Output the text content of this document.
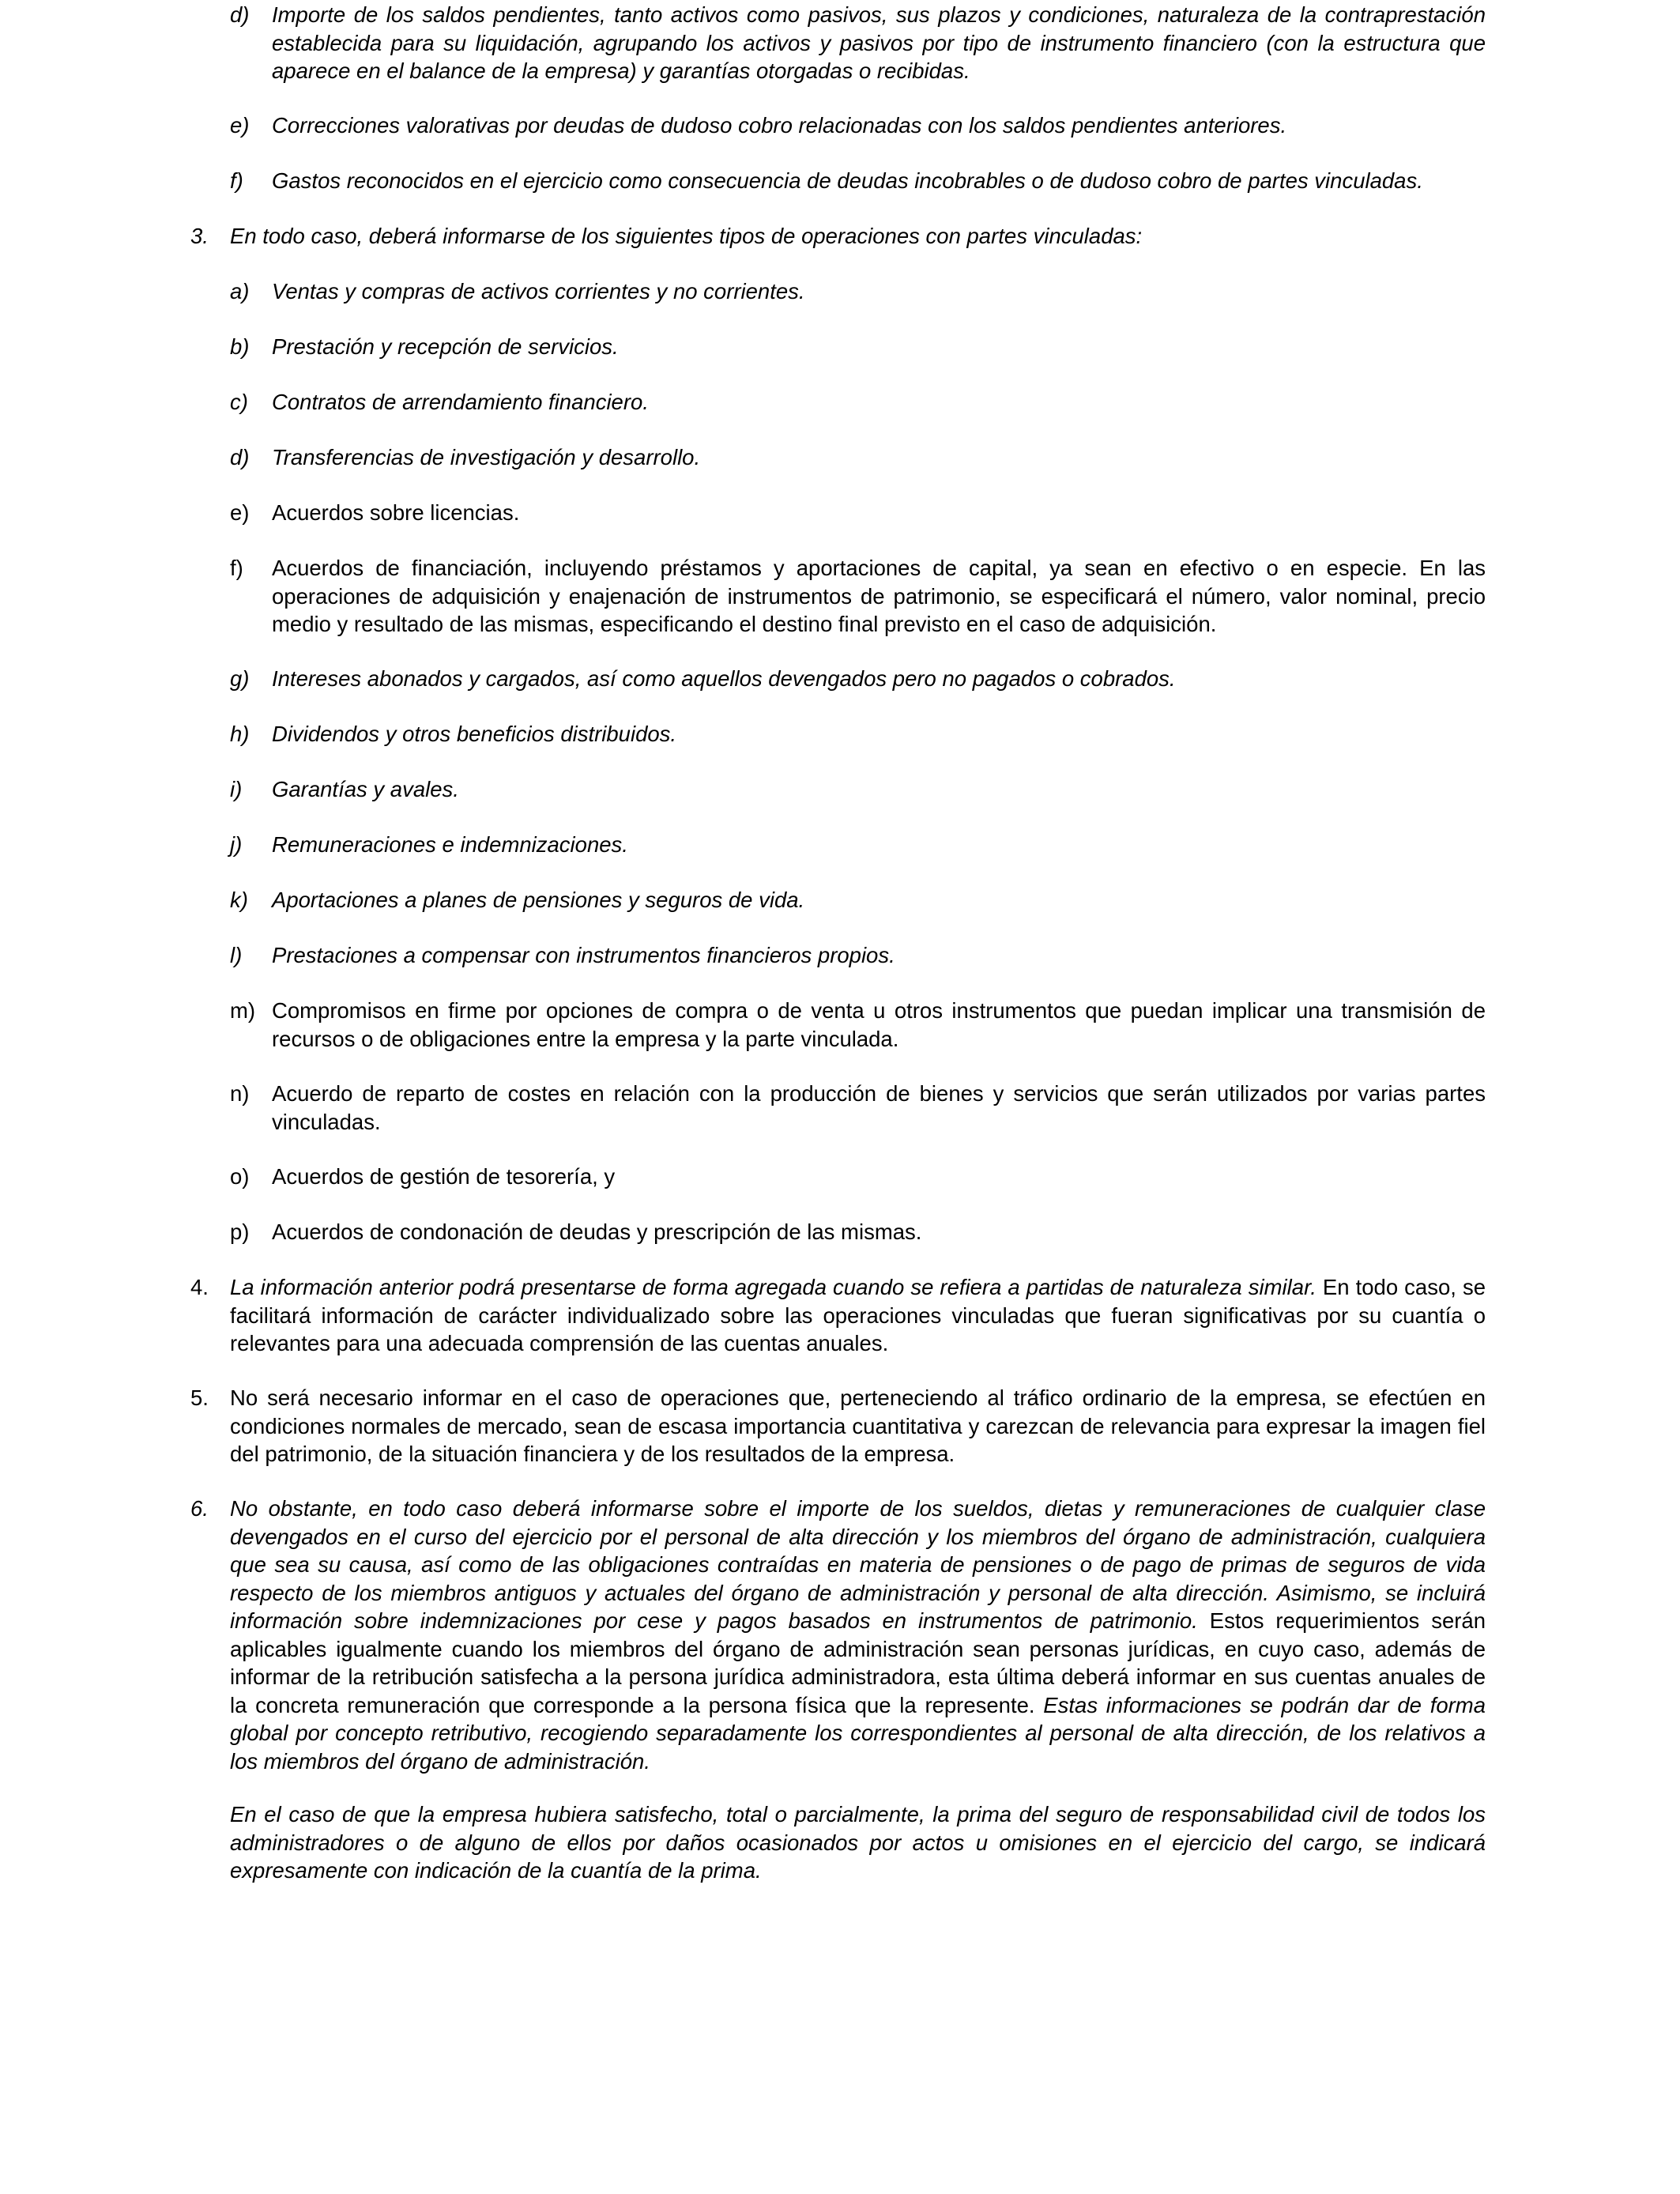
d) Importe de los saldos pendientes, tanto activos como pasivos, sus plazos y condiciones, naturaleza de la contraprestación establecida para su liquidación, agrupando los activos y pasivos por tipo de instrumento financiero (con la estructura que aparece en el balance de la empresa) y garantías otorgadas o recibidas.

e) Correcciones valorativas por deudas de dudoso cobro relacionadas con los saldos pendientes anteriores.

f) Gastos reconocidos en el ejercicio como consecuencia de deudas incobrables o de dudoso cobro de partes vinculadas.

3. En todo caso, deberá informarse de los siguientes tipos de operaciones con partes vinculadas:

a) Ventas y compras de activos corrientes y no corrientes.

b) Prestación y recepción de servicios.

c) Contratos de arrendamiento financiero.

d) Transferencias de investigación y desarrollo.

e) Acuerdos sobre licencias.

f) Acuerdos de financiación, incluyendo préstamos y aportaciones de capital, ya sean en efectivo o en especie. En las operaciones de adquisición y enajenación de instrumentos de patrimonio, se especificará el número, valor nominal, precio medio y resultado de las mismas, especificando el destino final previsto en el caso de adquisición.

g) Intereses abonados y cargados, así como aquellos devengados pero no pagados o cobrados.

h) Dividendos y otros beneficios distribuidos.

i) Garantías y avales.

j) Remuneraciones e indemnizaciones.

k) Aportaciones a planes de pensiones y seguros de vida.

l) Prestaciones a compensar con instrumentos financieros propios.

m) Compromisos en firme por opciones de compra o de venta u otros instrumentos que puedan implicar una transmisión de recursos o de obligaciones entre la empresa y la parte vinculada.

n) Acuerdo de reparto de costes en relación con la producción de bienes y servicios que serán utilizados por varias partes vinculadas.

o) Acuerdos de gestión de tesorería, y

p) Acuerdos de condonación de deudas y prescripción de las mismas.

4. La información anterior podrá presentarse de forma agregada cuando se refiera a partidas de naturaleza similar. En todo caso, se facilitará información de carácter individualizado sobre las operaciones vinculadas que fueran significativas por su cuantía o relevantes para una adecuada comprensión de las cuentas anuales.

5. No será necesario informar en el caso de operaciones que, perteneciendo al tráfico ordinario de la empresa, se efectúen en condiciones normales de mercado, sean de escasa importancia cuantitativa y carezcan de relevancia para expresar la imagen fiel del patrimonio, de la situación financiera y de los resultados de la empresa.

6. No obstante, en todo caso deberá informarse sobre el importe de los sueldos, dietas y remuneraciones de cualquier clase devengados en el curso del ejercicio por el personal de alta dirección y los miembros del órgano de administración, cualquiera que sea su causa, así como de las obligaciones contraídas en materia de pensiones o de pago de primas de seguros de vida respecto de los miembros antiguos y actuales del órgano de administración y personal de alta dirección. Asimismo, se incluirá información sobre indemnizaciones por cese y pagos basados en instrumentos de patrimonio. Estos requerimientos serán aplicables igualmente cuando los miembros del órgano de administración sean personas jurídicas, en cuyo caso, además de informar de la retribución satisfecha a la persona jurídica administradora, esta última deberá informar en sus cuentas anuales de la concreta remuneración que corresponde a la persona física que la represente. Estas informaciones se podrán dar de forma global por concepto retributivo, recogiendo separadamente los correspondientes al personal de alta dirección, de los relativos a los miembros del órgano de administración.

En el caso de que la empresa hubiera satisfecho, total o parcialmente, la prima del seguro de responsabilidad civil de todos los administradores o de alguno de ellos por daños ocasionados por actos u omisiones en el ejercicio del cargo, se indicará expresamente con indicación de la cuantía de la prima.
